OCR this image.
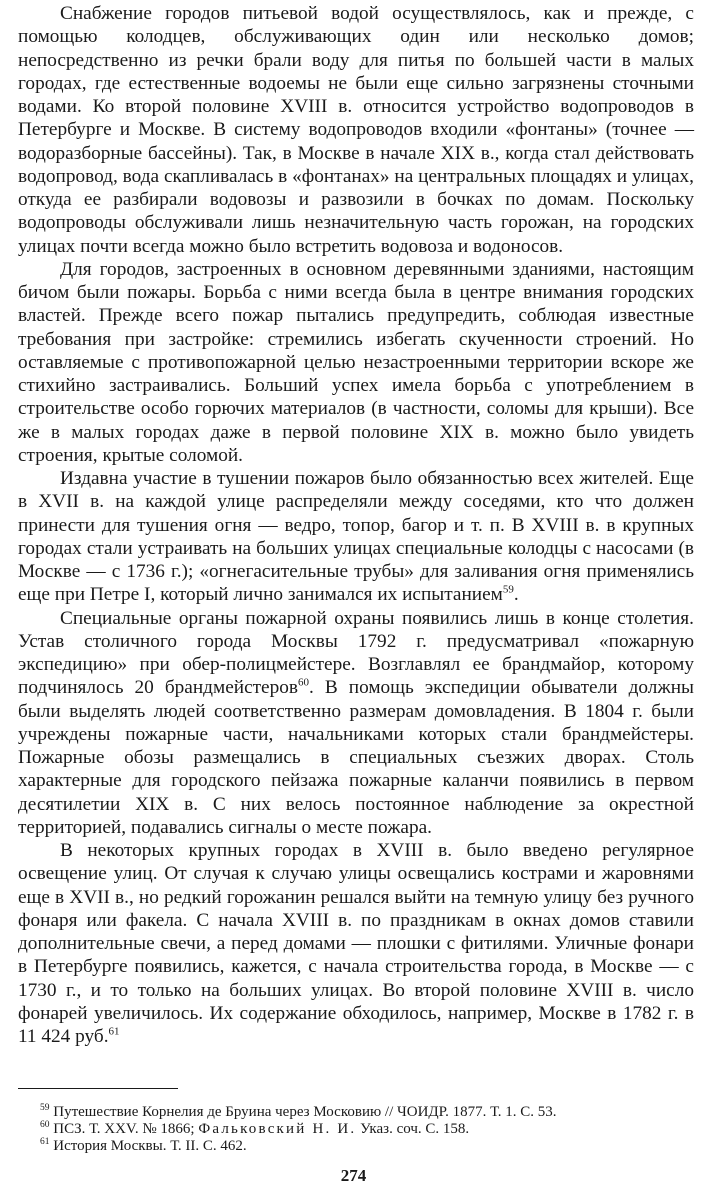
Снабжение городов питьевой водой осуществлялось, как и прежде, с помощью колодцев, обслуживающих один или несколько домов; непосредственно из речки брали воду для питья по большей части в малых городах, где естественные водоемы не были еще сильно загрязнены сточными водами. Ко второй половине XVIII в. относится устройство водопроводов в Петербурге и Москве. В систему водопроводов входили «фонтаны» (точнее — водоразборные бассейны). Так, в Москве в начале XIX в., когда стал действовать водопровод, вода скапливалась в «фонтанах» на центральных площадях и улицах, откуда ее разбирали водовозы и развозили в бочках по домам. Поскольку водопроводы обслуживали лишь незначительную часть горожан, на городских улицах почти всегда можно было встретить водовоза и водоносов.

Для городов, застроенных в основном деревянными зданиями, настоящим бичом были пожары. Борьба с ними всегда была в центре внимания городских властей. Прежде всего пожар пытались предупредить, соблюдая известные требования при застройке: стремились избегать скученности строений. Но оставляемые с противопожарной целью незастроенными территории вскоре же стихийно застраивались. Больший успех имела борьба с употреблением в строительстве особо горючих материалов (в частности, соломы для крыши). Все же в малых городах даже в первой половине XIX в. можно было увидеть строения, крытые соломой.

Издавна участие в тушении пожаров было обязанностью всех жителей. Еще в XVII в. на каждой улице распределяли между соседями, кто что должен принести для тушения огня — ведро, топор, багор и т. п. В XVIII в. в крупных городах стали устраивать на больших улицах специальные колодцы с насосами (в Москве — с 1736 г.); «огнегасительные трубы» для заливания огня применялись еще при Петре I, который лично занимался их испытанием$^{59}$.

Специальные органы пожарной охраны появились лишь в конце столетия. Устав столичного города Москвы 1792 г. предусматривал «пожарную экспедицию» при обер-полицмейстере. Возглавлял ее брандмайор, которому подчинялось 20 брандмейстеров$^{60}$. В помощь экспедиции обыватели должны были выделять людей соответственно размерам домовладения. В 1804 г. были учреждены пожарные части, начальниками которых стали брандмейстеры. Пожарные обозы размещались в специальных съезжих дворах. Столь характерные для городского пейзажа пожарные каланчи появились в первом десятилетии XIX в. С них велось постоянное наблюдение за окрестной территорией, подавались сигналы о месте пожара.

В некоторых крупных городах в XVIII в. было введено регулярное освещение улиц. От случая к случаю улицы освещались кострами и жаровнями еще в XVII в., но редкий горожанин решался выйти на темную улицу без ручного фонаря или факела. С начала XVIII в. по праздникам в окнах домов ставили дополнительные свечи, а перед домами — плошки с фитилями. Уличные фонари в Петербурге появились, кажется, с начала строительства города, в Москве — с 1730 г., и то только на больших улицах. Во второй половине XVIII в. число фонарей увеличилось. Их содержание обходилось, например, Москве в 1782 г. в 11 424 руб.$^{61}$

$^{59}$ Путешествие Корнелия де Бруина через Московию // ЧОИДР. 1877. Т. 1. С. 53.

$^{60}$ ПСЗ. Т. XXV. № 1866; Фальковский Н. И. Указ. соч. С. 158.

$^{61}$ История Москвы. Т. II. С. 462.

274
